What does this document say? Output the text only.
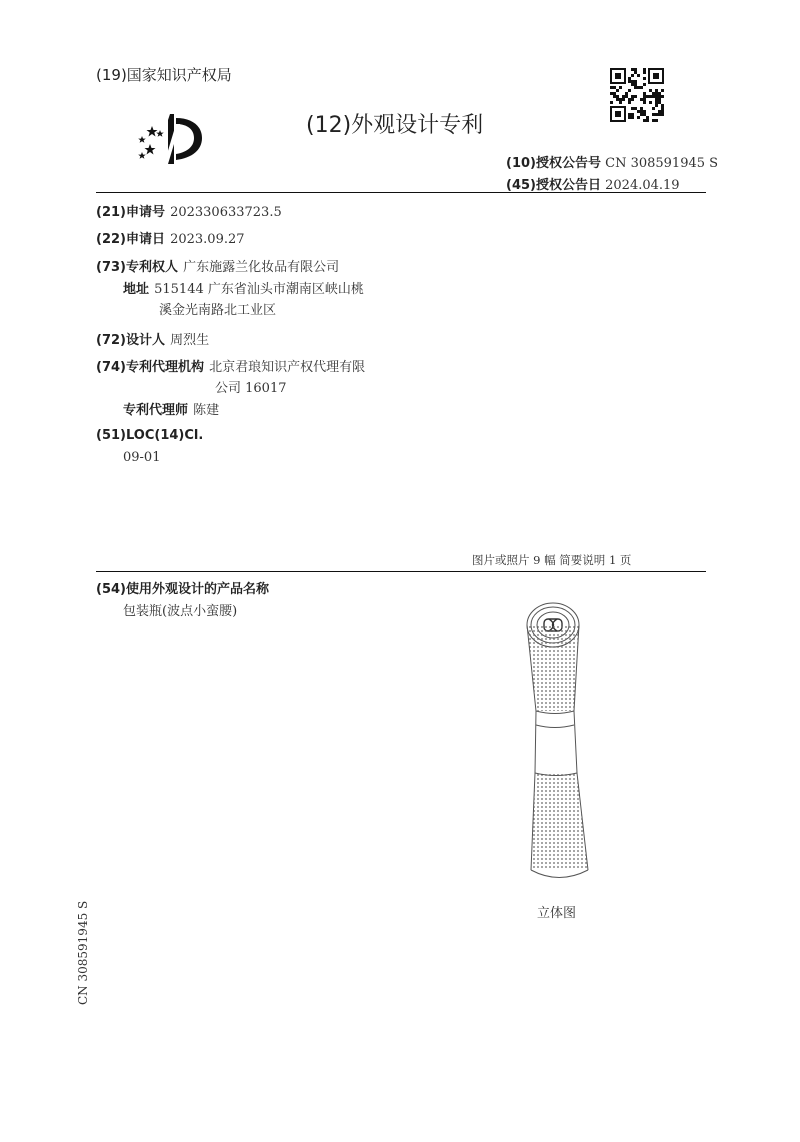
(19)国家知识产权局
(12)外观设计专利
(10)授权公告号 CN 308591945 S
(45)授权公告日 2024.04.19
(21)申请号 202330633723.5
(22)申请日 2023.09.27
(73)专利权人 广东施露兰化妆品有限公司
地址 515144 广东省汕头市潮南区峡山桃
溪金光南路北工业区
(72)设计人 周烈生
(74)专利代理机构 北京君琅知识产权代理有限
公司 16017
专利代理师 陈建
(51)LOC(14)Cl.
09-01
图片或照片 9 幅 简要说明 1 页
(54)使用外观设计的产品名称
包装瓶(波点小蛮腰)
立体图
CN 308591945 S
